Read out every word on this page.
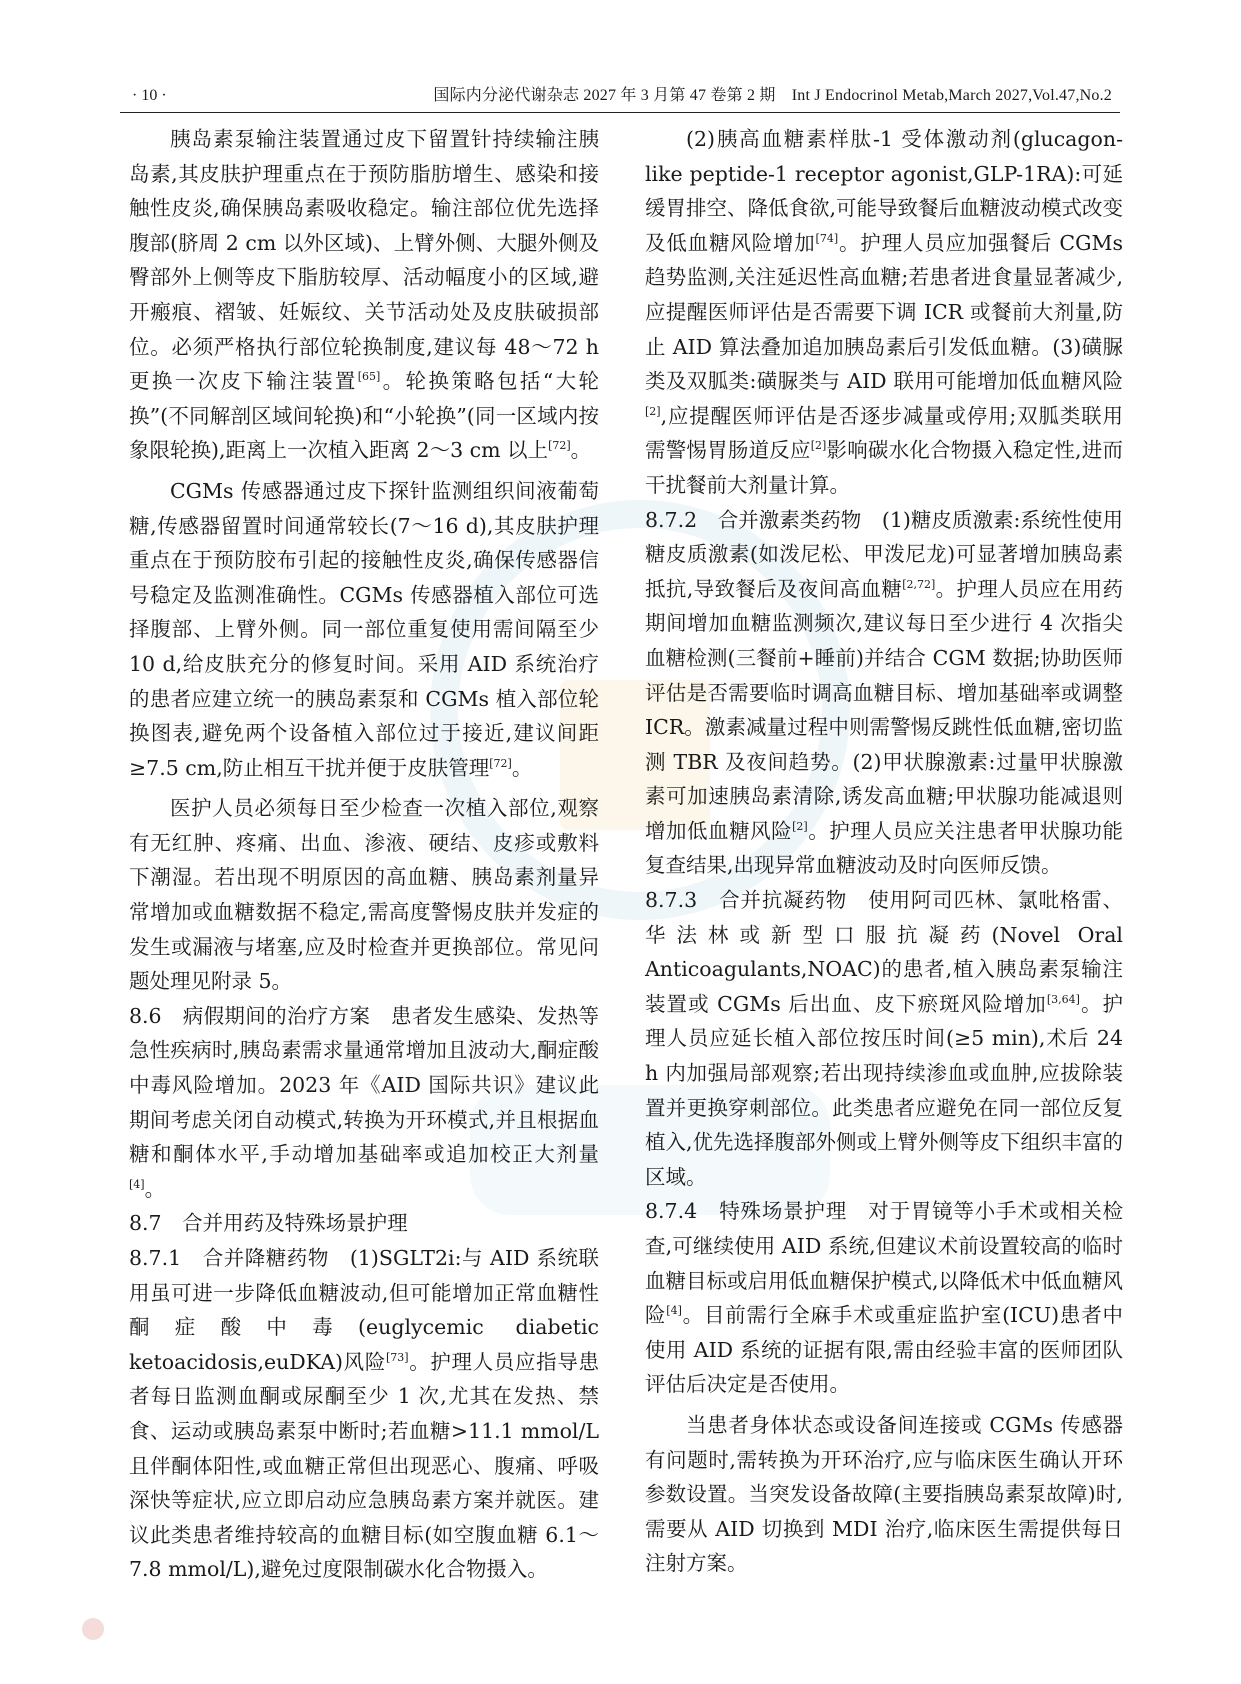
· 10 ·	国际内分泌代谢杂志 2027 年 3 月第 47 卷第 2 期　Int J Endocrinol Metab,March 2027,Vol.47,No.2

胰岛素泵输注装置通过皮下留置针持续输注胰岛素,其皮肤护理重点在于预防脂肪增生、感染和接触性皮炎,确保胰岛素吸收稳定。输注部位优先选择腹部(脐周 2 cm 以外区域)、上臂外侧、大腿外侧及臀部外上侧等皮下脂肪较厚、活动幅度小的区域,避开瘢痕、褶皱、妊娠纹、关节活动处及皮肤破损部位。必须严格执行部位轮换制度,建议每 48～72 h 更换一次皮下输注装置[65]。轮换策略包括“大轮换”(不同解剖区域间轮换)和“小轮换”(同一区域内按象限轮换),距离上一次植入距离 2～3 cm 以上[72]。

CGMs 传感器通过皮下探针监测组织间液葡萄糖,传感器留置时间通常较长(7～16 d),其皮肤护理重点在于预防胶布引起的接触性皮炎,确保传感器信号稳定及监测准确性。CGMs 传感器植入部位可选择腹部、上臂外侧。同一部位重复使用需间隔至少 10 d,给皮肤充分的修复时间。采用 AID 系统治疗的患者应建立统一的胰岛素泵和 CGMs 植入部位轮换图表,避免两个设备植入部位过于接近,建议间距≥7.5 cm,防止相互干扰并便于皮肤管理[72]。

医护人员必须每日至少检查一次植入部位,观察有无红肿、疼痛、出血、渗液、硬结、皮疹或敷料下潮湿。若出现不明原因的高血糖、胰岛素剂量异常增加或血糖数据不稳定,需高度警惕皮肤并发症的发生或漏液与堵塞,应及时检查并更换部位。常见问题处理见附录 5。

8.6　病假期间的治疗方案　患者发生感染、发热等急性疾病时,胰岛素需求量通常增加且波动大,酮症酸中毒风险增加。2023 年《AID 国际共识》建议此期间考虑关闭自动模式,转换为开环模式,并且根据血糖和酮体水平,手动增加基础率或追加校正大剂量[4]。

8.7　合并用药及特殊场景护理

8.7.1　合并降糖药物　(1)SGLT2i:与 AID 系统联用虽可进一步降低血糖波动,但可能增加正常血糖性酮症酸中毒(euglycemic diabetic ketoacidosis,euDKA)风险[73]。护理人员应指导患者每日监测血酮或尿酮至少 1 次,尤其在发热、禁食、运动或胰岛素泵中断时;若血糖>11.1 mmol/L 且伴酮体阳性,或血糖正常但出现恶心、腹痛、呼吸深快等症状,应立即启动应急胰岛素方案并就医。建议此类患者维持较高的血糖目标(如空腹血糖 6.1～7.8 mmol/L),避免过度限制碳水化合物摄入。

(2)胰高血糖素样肽-1 受体激动剂(glucagon-like peptide-1 receptor agonist,GLP-1RA):可延缓胃排空、降低食欲,可能导致餐后血糖波动模式改变及低血糖风险增加[74]。护理人员应加强餐后 CGMs 趋势监测,关注延迟性高血糖;若患者进食量显著减少,应提醒医师评估是否需要下调 ICR 或餐前大剂量,防止 AID 算法叠加追加胰岛素后引发低血糖。(3)磺脲类及双胍类:磺脲类与 AID 联用可能增加低血糖风险[2],应提醒医师评估是否逐步减量或停用;双胍类联用需警惕胃肠道反应[2]影响碳水化合物摄入稳定性,进而干扰餐前大剂量计算。

8.7.2　合并激素类药物　(1)糖皮质激素:系统性使用糖皮质激素(如泼尼松、甲泼尼龙)可显著增加胰岛素抵抗,导致餐后及夜间高血糖[2,72]。护理人员应在用药期间增加血糖监测频次,建议每日至少进行 4 次指尖血糖检测(三餐前+睡前)并结合 CGM 数据;协助医师评估是否需要临时调高血糖目标、增加基础率或调整 ICR。激素减量过程中则需警惕反跳性低血糖,密切监测 TBR 及夜间趋势。(2)甲状腺激素:过量甲状腺激素可加速胰岛素清除,诱发高血糖;甲状腺功能减退则增加低血糖风险[2]。护理人员应关注患者甲状腺功能复查结果,出现异常血糖波动及时向医师反馈。

8.7.3　合并抗凝药物　使用阿司匹林、氯吡格雷、华法林或新型口服抗凝药(Novel Oral Anticoagulants,NOAC)的患者,植入胰岛素泵输注装置或 CGMs 后出血、皮下瘀斑风险增加[3,64]。护理人员应延长植入部位按压时间(≥5 min),术后 24 h 内加强局部观察;若出现持续渗血或血肿,应拔除装置并更换穿刺部位。此类患者应避免在同一部位反复植入,优先选择腹部外侧或上臂外侧等皮下组织丰富的区域。

8.7.4　特殊场景护理　对于胃镜等小手术或相关检查,可继续使用 AID 系统,但建议术前设置较高的临时血糖目标或启用低血糖保护模式,以降低术中低血糖风险[4]。目前需行全麻手术或重症监护室(ICU)患者中使用 AID 系统的证据有限,需由经验丰富的医师团队评估后决定是否使用。

当患者身体状态或设备间连接或 CGMs 传感器有问题时,需转换为开环治疗,应与临床医生确认开环参数设置。当突发设备故障(主要指胰岛素泵故障)时,需要从 AID 切换到 MDI 治疗,临床医生需提供每日注射方案。
